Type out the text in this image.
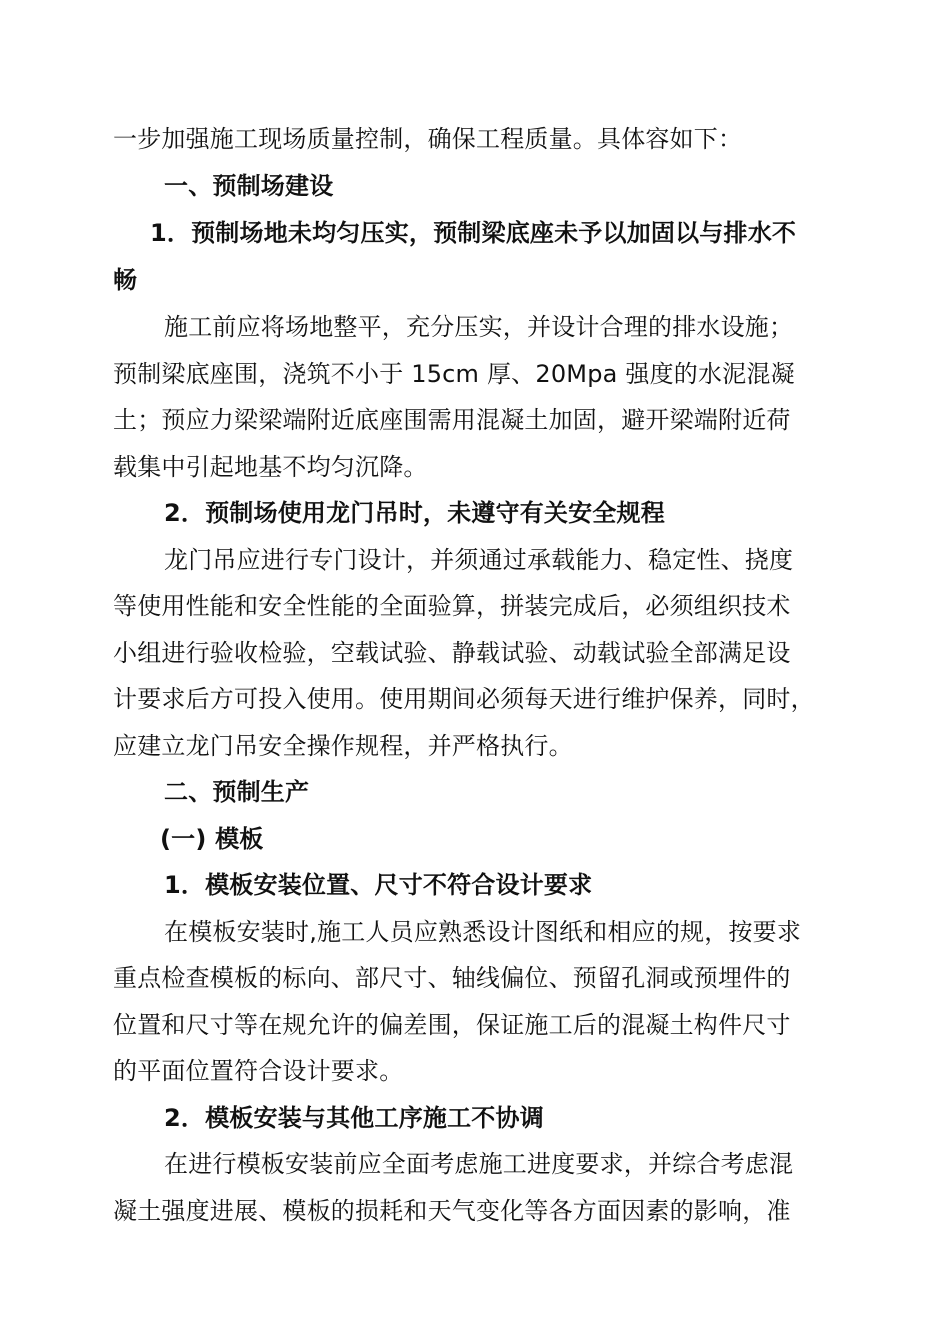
一步加强施工现场质量控制，确保工程质量。具体容如下：
一、预制场建设
1．预制场地未均匀压实，预制梁底座未予以加固以与排水不
畅
施工前应将场地整平，充分压实，并设计合理的排水设施；
预制梁底座围，浇筑不小于 15cm 厚、20Mpa 强度的水泥混凝
土；预应力梁梁端附近底座围需用混凝土加固，避开梁端附近荷
载集中引起地基不均匀沉降。
2．预制场使用龙门吊时，未遵守有关安全规程
龙门吊应进行专门设计，并须通过承载能力、稳定性、挠度
等使用性能和安全性能的全面验算，拼装完成后，必须组织技术
小组进行验收检验，空载试验、静载试验、动载试验全部满足设
计要求后方可投入使用。使用期间必须每天进行维护保养，同时，
应建立龙门吊安全操作规程，并严格执行。
二、预制生产
(一) 模板
1．模板安装位置、尺寸不符合设计要求
在模板安装时,施工人员应熟悉设计图纸和相应的规，按要求
重点检查模板的标向、部尺寸、轴线偏位、预留孔洞或预埋件的
位置和尺寸等在规允许的偏差围，保证施工后的混凝土构件尺寸
的平面位置符合设计要求。
2．模板安装与其他工序施工不协调
在进行模板安装前应全面考虑施工进度要求，并综合考虑混
凝土强度进展、模板的损耗和天气变化等各方面因素的影响，准
